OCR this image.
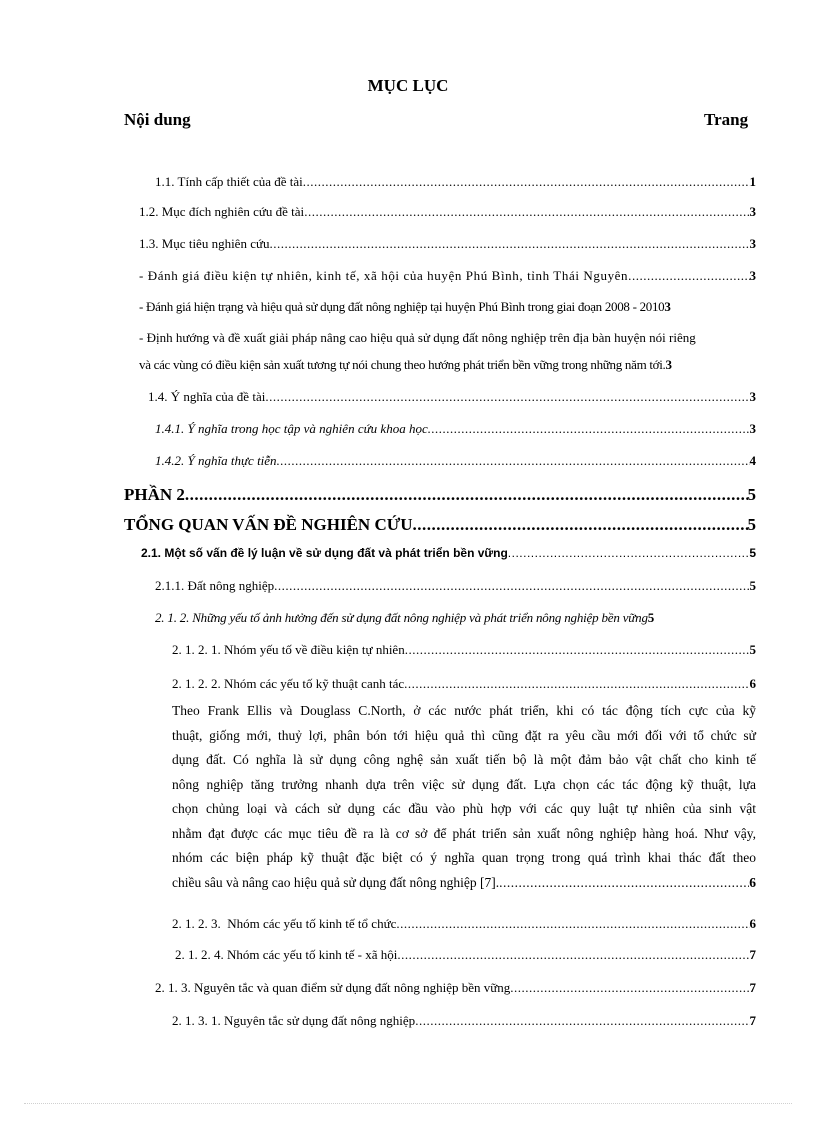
MỤC LỤC
Nội dung	Trang
1.1. Tính cấp thiết của đề tài .....	1
1.2. Mục đích nghiên cứu đề tài .....	3
1.3. Mục tiêu nghiên cứu .....	3
- Đánh giá điều kiện tự nhiên, kinh tế, xã hội của huyện Phú Bình, tỉnh Thái Nguyên. .....	3
- Đánh giá hiện trạng và hiệu quả sử dụng đất nông nghiệp tại huyện Phú Bình trong giai đoạn 2008 - 2010 3
- Định hướng và đề xuất giải pháp nâng cao hiệu quả sử dụng đất nông nghiệp trên địa bàn huyện nói riêng
và các vùng có điều kiện sản xuất tương tự nói chung theo hướng phát triển bền vững trong những năm tới. 3
1.4. Ý nghĩa của đề tài .....	3
1.4.1. Ý nghĩa trong học tập và nghiên cứu khoa học .....	3
1.4.2. Ý nghĩa thực tiễn .....	4
PHẦN 2 .....	5
TỔNG QUAN VẤN ĐỀ NGHIÊN CỨU .....	5
2.1. Một số vấn đề lý luận về sử dụng đất và phát triển bền vững .....	5
2.1.1. Đất nông nghiệp .....	5
2. 1. 2. Những yếu tố ảnh hưởng đến sử dụng đất nông nghiệp và phát triển nông nghiệp bền vững 5
2. 1. 2. 1. Nhóm yếu tố về điều kiện tự nhiên .....	5
2. 1. 2. 2. Nhóm các yếu tố kỹ thuật canh tác .....	6
Theo Frank Ellis và Douglass C.North, ở các nước phát triển, khi có tác động tích cực của kỹ
thuật, giống mới, thuỷ lợi, phân bón tới hiệu quả thì cũng đặt ra yêu cầu mới đối với tổ chức sử
dụng đất. Có nghĩa là sử dụng công nghệ sản xuất tiến bộ là một đảm bảo vật chất cho kinh tế
nông nghiệp tăng trưởng nhanh dựa trên việc sử dụng đất. Lựa chọn các tác động kỹ thuật, lựa
chọn chủng loại và cách sử dụng các đầu vào phù hợp với các quy luật tự nhiên của sinh vật
nhằm đạt được các mục tiêu đề ra là cơ sở để phát triển sản xuất nông nghiệp hàng hoá. Như vậy,
nhóm các biện pháp kỹ thuật đặc biệt có ý nghĩa quan trọng trong quá trình khai thác đất theo
chiều sâu và nâng cao hiệu quả sử dụng đất nông nghiệp [7]. .....	6
2. 1. 2. 3.  Nhóm các yếu tố kinh tế tổ chức .....	6
2. 1. 2. 4. Nhóm các yếu tố kinh tế - xã hội .....	7
2. 1. 3. Nguyên tắc và quan điểm sử dụng đất nông nghiệp bền vững .....	7
2. 1. 3. 1. Nguyên tắc sử dụng đất nông nghiệp .....	7
